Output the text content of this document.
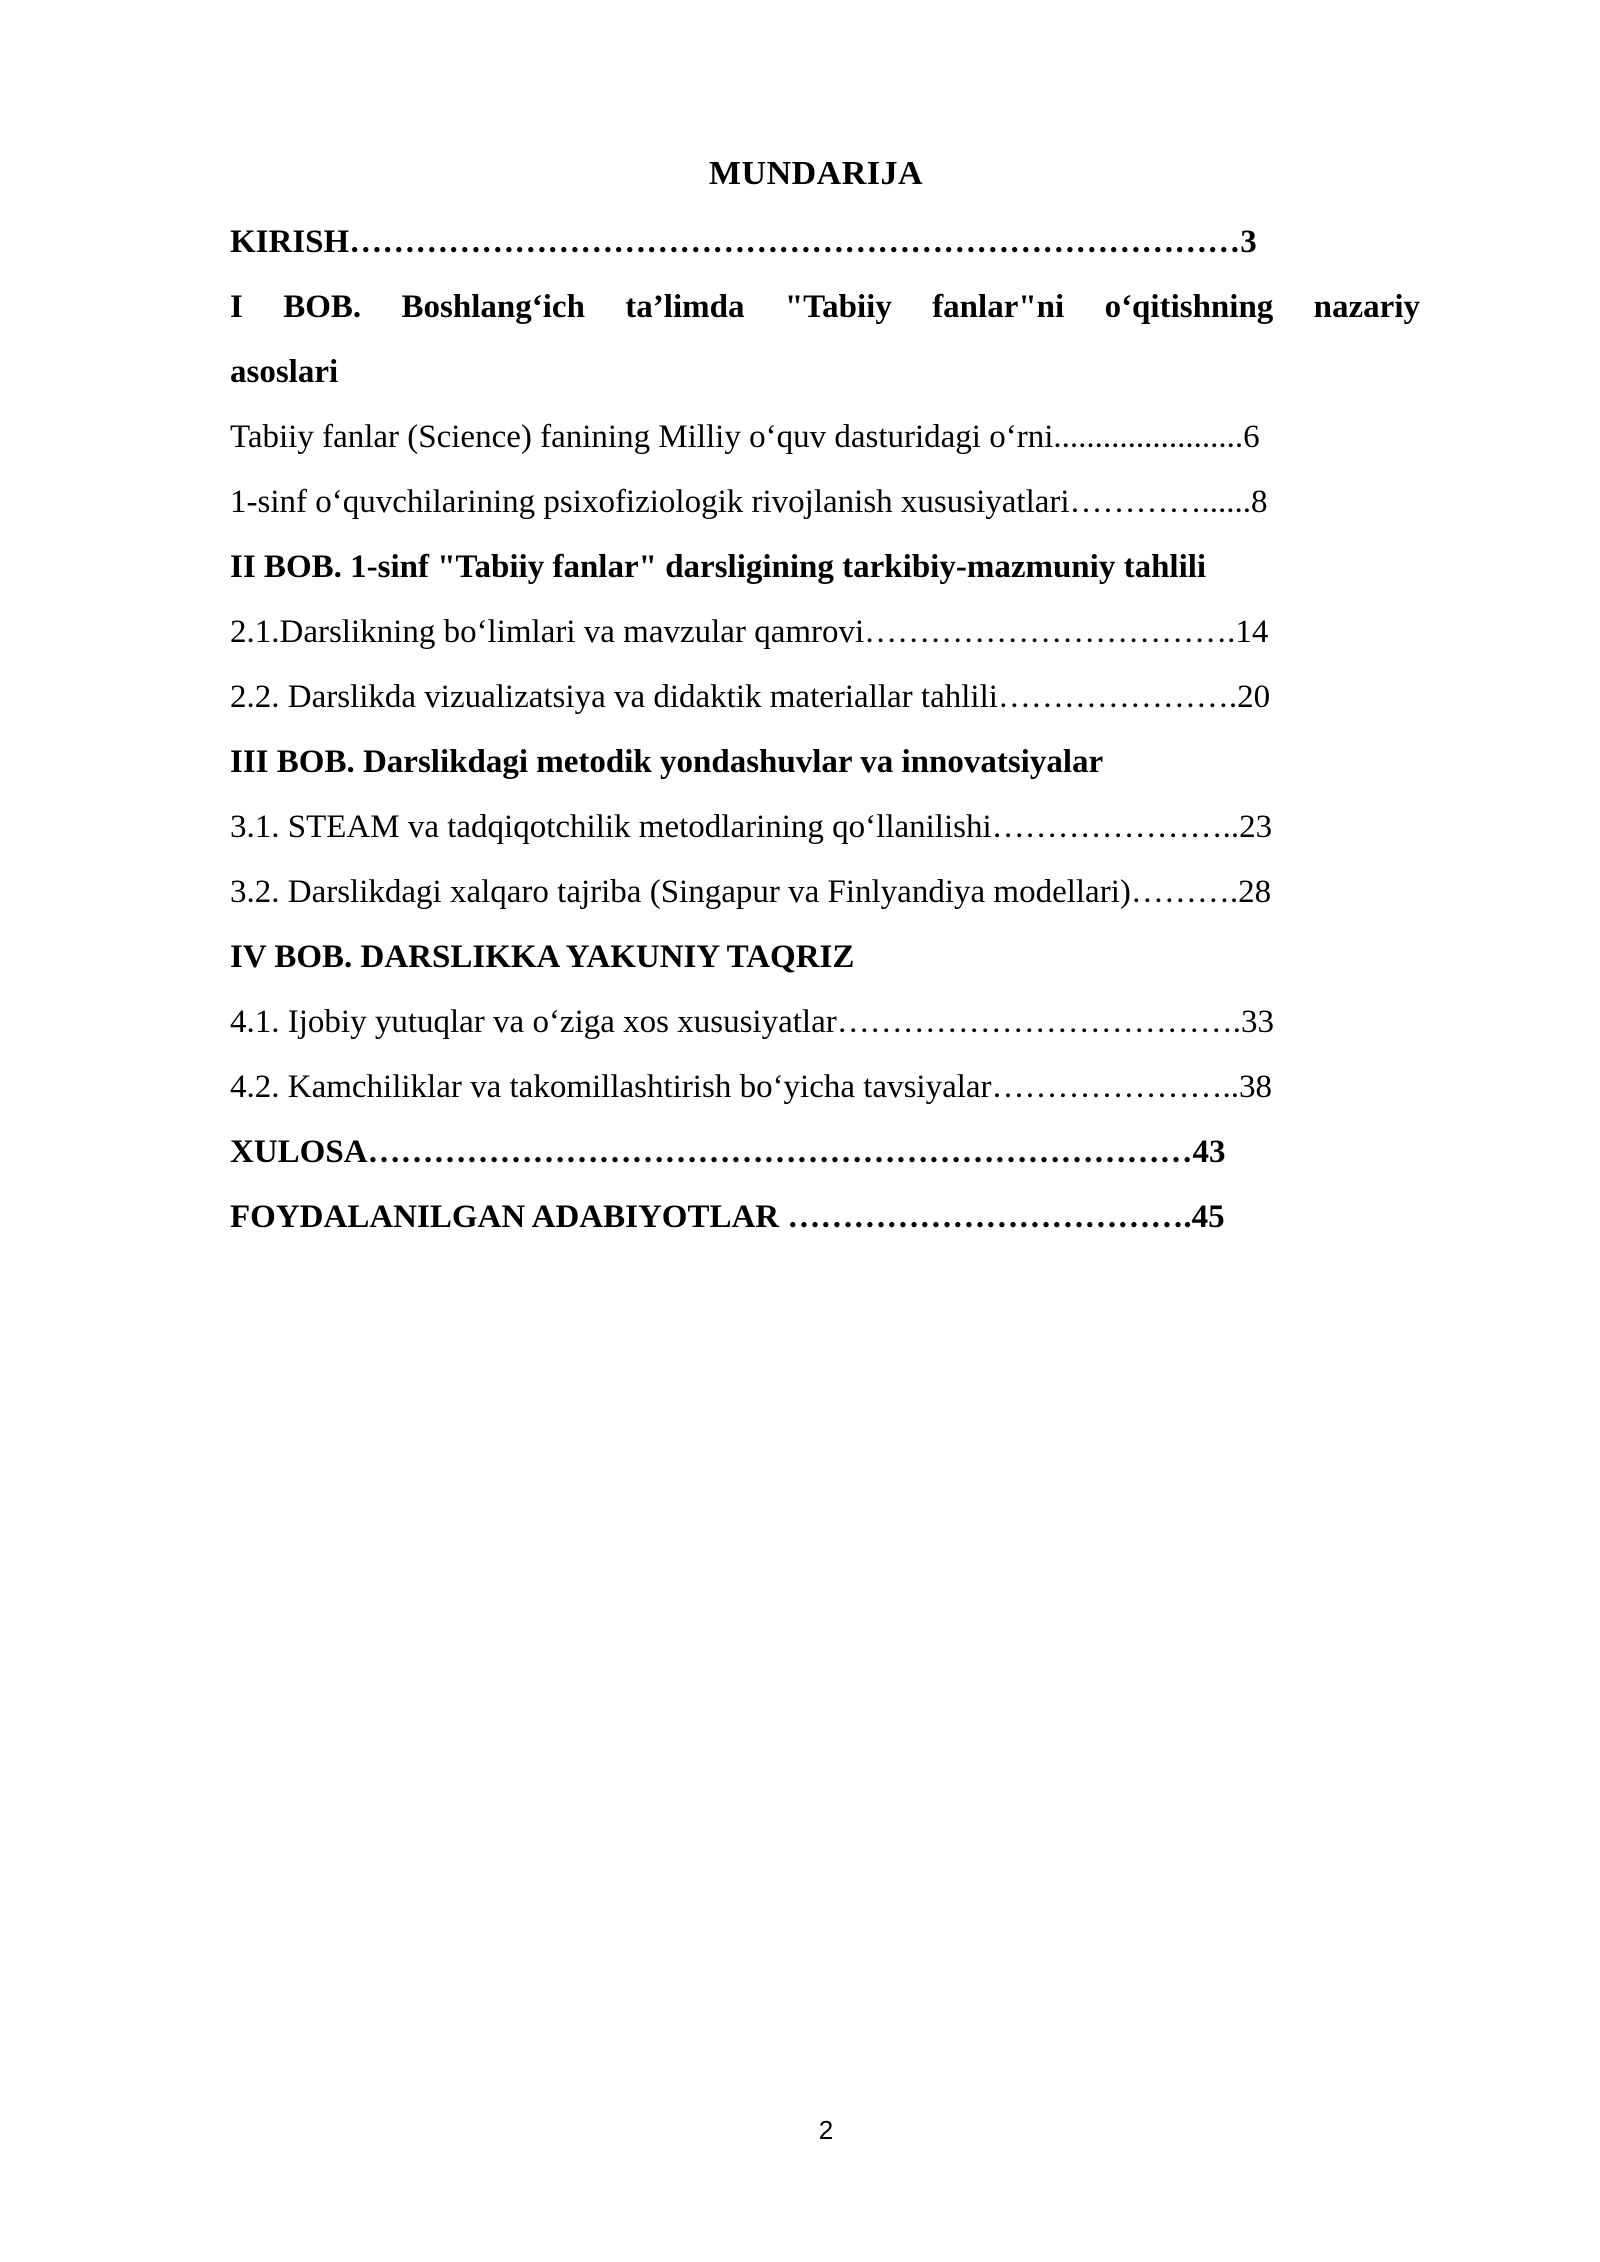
MUNDARIJA
KIRISH………………………………………………………………………3
I BOB. Boshlang‘ich ta’limda "Tabiiy fanlar"ni o‘qitishning nazariy
asoslari
Tabiiy fanlar (Science) fanining Milliy o‘quv dasturidagi o‘rni.......................6
1-sinf o‘quvchilarining psixofiziologik rivojlanish xususiyatlari…………......8
II BOB. 1-sinf "Tabiiy fanlar" darsligining tarkibiy-mazmuniy tahlili
2.1.Darslikning bo‘limlari va mavzular qamrovi…………………………….14
2.2. Darslikda vizualizatsiya va didaktik materiallar tahlili………………….20
III BOB. Darslikdagi metodik yondashuvlar va innovatsiyalar
3.1. STEAM va tadqiqotchilik metodlarining qo‘llanilishi…………………..23
3.2. Darslikdagi xalqaro tajriba (Singapur va Finlyandiya modellari)……….28
IV BOB. DARSLIKKA YAKUNIY TAQRIZ
4.1. Ijobiy yutuqlar va o‘ziga xos xususiyatlar……………………………….33
4.2. Kamchiliklar va takomillashtirish bo‘yicha tavsiyalar…………………..38
XULOSA…………………………………………………………………43
FOYDALANILGAN ADABIYOTLAR ……………………………….45
2
